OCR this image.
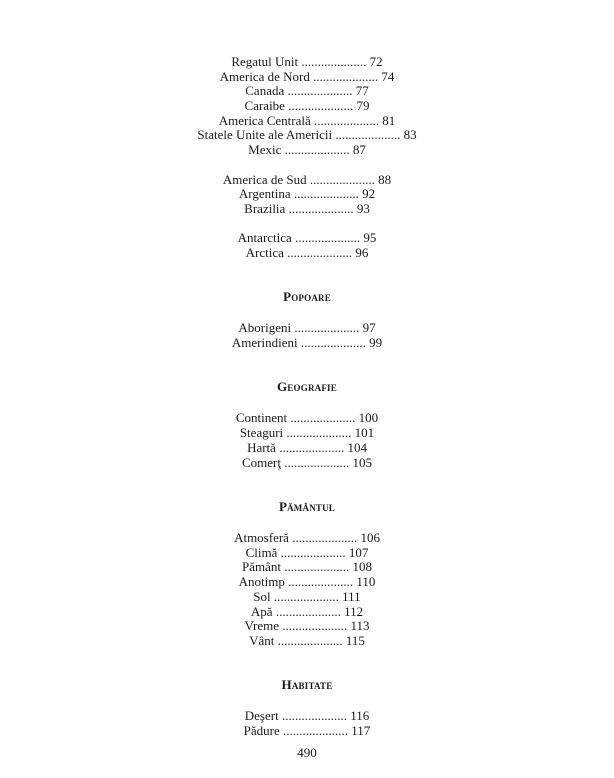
Regatul Unit .................... 72
America de Nord .................... 74
Canada .................... 77
Caraibe .................... 79
America Centrală .................... 81
Statele Unite ale Americii .................... 83
Mexic .................... 87
America de Sud .................... 88
Argentina .................... 92
Brazilia .................... 93
Antarctica .................... 95
Arctica .................... 96
Popoare
Aborigeni .................... 97
Amerindieni .................... 99
Geografie
Continent .................... 100
Steaguri .................... 101
Hartă .................... 104
Comerţ .................... 105
Pământul
Atmosferă .................... 106
Climă .................... 107
Pământ .................... 108
Anotimp .................... 110
Sol .................... 111
Apă .................... 112
Vreme .................... 113
Vânt .................... 115
Habitate
Deşert .................... 116
Pădure .................... 117
490
